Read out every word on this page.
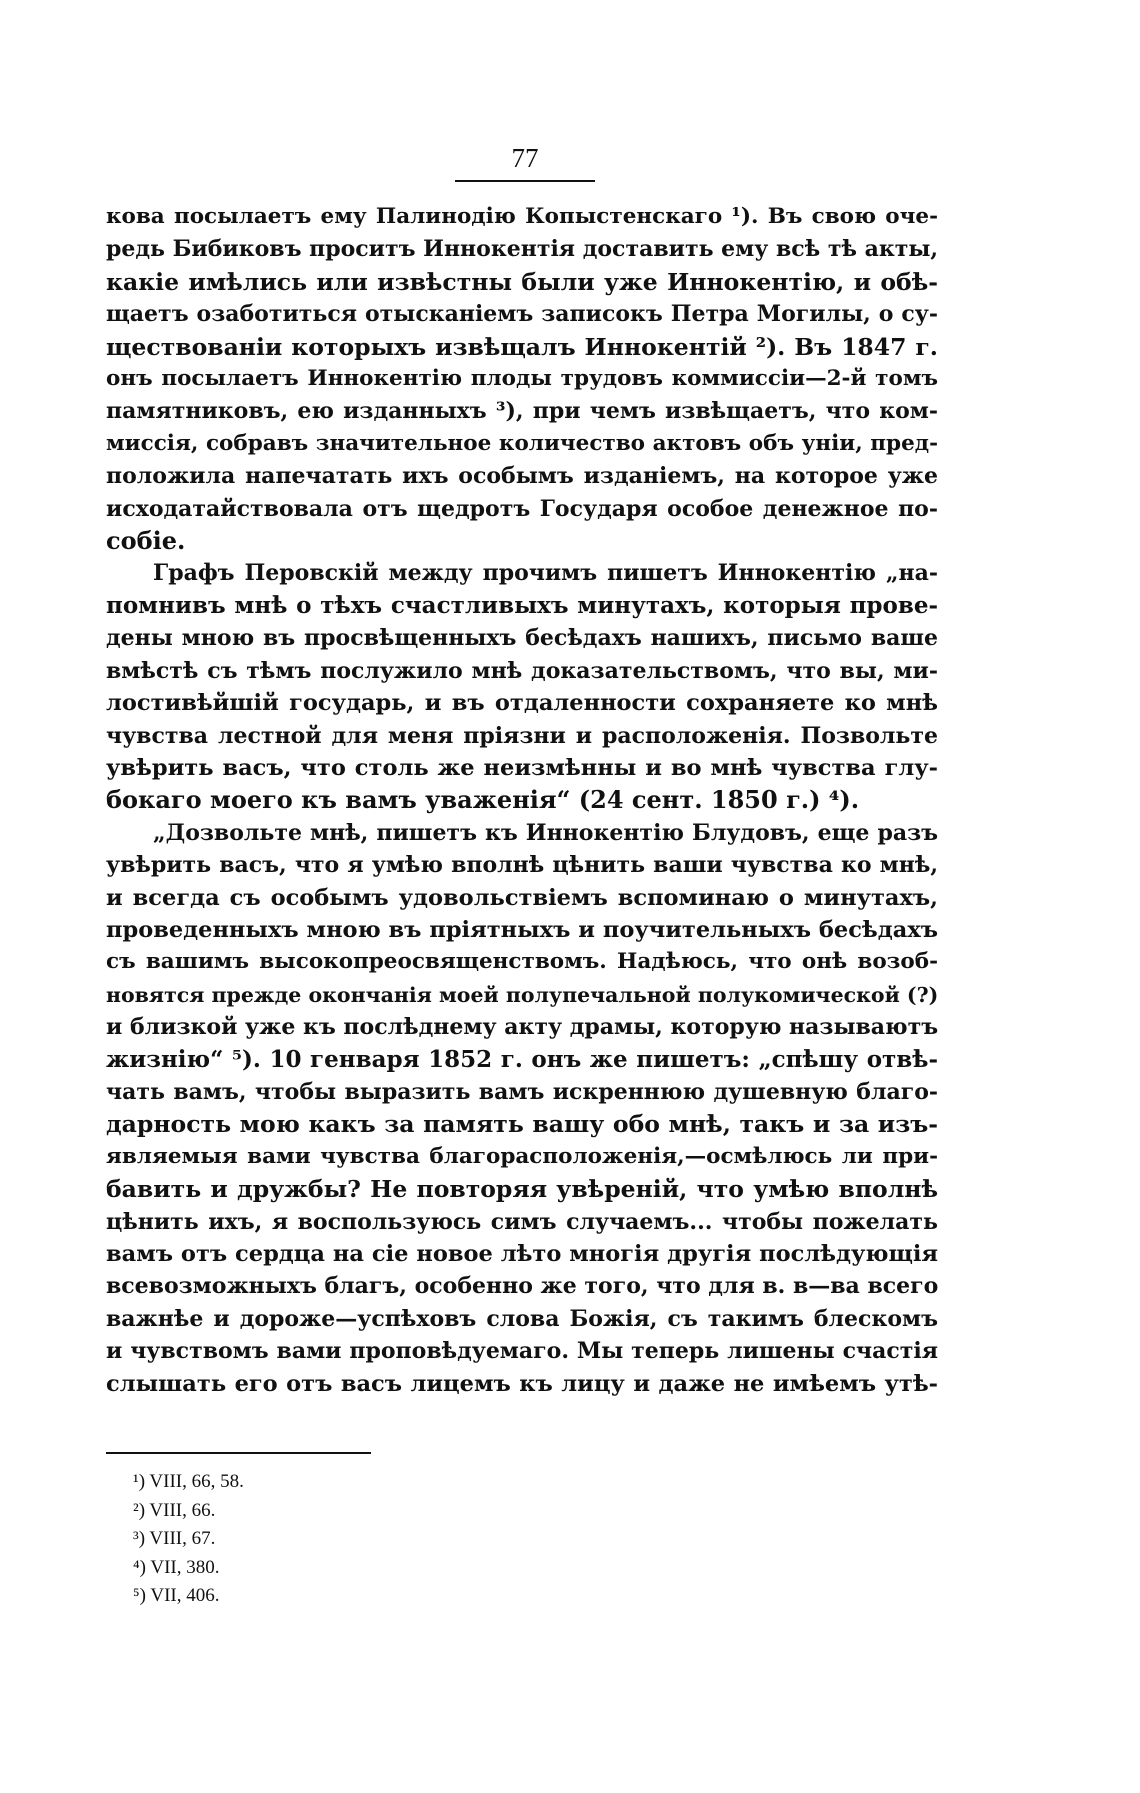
77
кова посылаетъ ему Палинодію Копыстенскаго ¹). Въ свою оче-
редь Бибиковъ проситъ Иннокентія доставить ему всѣ тѣ акты,
какіе имѣлись или извѣстны были уже Иннокентію, и обѣ-
щаетъ озаботиться отысканіемъ записокъ Петра Могилы, о су-
ществованіи которыхъ извѣщалъ Иннокентій ²). Въ 1847 г.
онъ посылаетъ Иннокентію плоды трудовъ коммиссіи—2-й томъ
памятниковъ, ею изданныхъ ³), при чемъ извѣщаетъ, что ком-
миссія, собравъ значительное количество актовъ объ уніи, пред-
положила напечатать ихъ особымъ изданіемъ, на которое уже
исходатайствовала отъ щедротъ Государя особое денежное по-
собіе.
Графъ Перовскій между прочимъ пишетъ Иннокентію „на-
помнивъ мнѣ о тѣхъ счастливыхъ минутахъ, которыя прове-
дены мною въ просвѣщенныхъ бесѣдахъ нашихъ, письмо ваше
вмѣстѣ съ тѣмъ послужило мнѣ доказательствомъ, что вы, ми-
лостивѣйшій государь, и въ отдаленности сохраняете ко мнѣ
чувства лестной для меня пріязни и расположенія. Позвольте
увѣрить васъ, что столь же неизмѣнны и во мнѣ чувства глу-
бокаго моего къ вамъ уваженія“ (24 сент. 1850 г.) ⁴).
„Дозвольте мнѣ, пишетъ къ Иннокентію Блудовъ, еще разъ
увѣрить васъ, что я умѣю вполнѣ цѣнить ваши чувства ко мнѣ,
и всегда съ особымъ удовольствіемъ вспоминаю о минутахъ,
проведенныхъ мною въ пріятныхъ и поучительныхъ бесѣдахъ
съ вашимъ высокопреосвященствомъ. Надѣюсь, что онѣ возоб-
новятся прежде окончанія моей полупечальной полукомической (?)
и близкой уже къ послѣднему акту драмы, которую называютъ
жизнію“ ⁵). 10 генваря 1852 г. онъ же пишетъ: „спѣшу отвѣ-
чать вамъ, чтобы выразить вамъ искреннюю душевную благо-
дарность мою какъ за память вашу обо мнѣ, такъ и за изъ-
являемыя вами чувства благорасположенія,—осмѣлюсь ли при-
бавить и дружбы? Не повторяя увѣреній, что умѣю вполнѣ
цѣнить ихъ, я воспользуюсь симъ случаемъ... чтобы пожелать
вамъ отъ сердца на сіе новое лѣто многія другія послѣдующія
всевозможныхъ благъ, особенно же того, что для в. в—ва всего
важнѣе и дороже—успѣховъ слова Божія, съ такимъ блескомъ
и чувствомъ вами проповѣдуемаго. Мы теперь лишены счастія
слышать его отъ васъ лицемъ къ лицу и даже не имѣемъ утѣ-
¹) VIII, 66, 58.
²) VIII, 66.
³) VIII, 67.
⁴) VII, 380.
⁵) VII, 406.
